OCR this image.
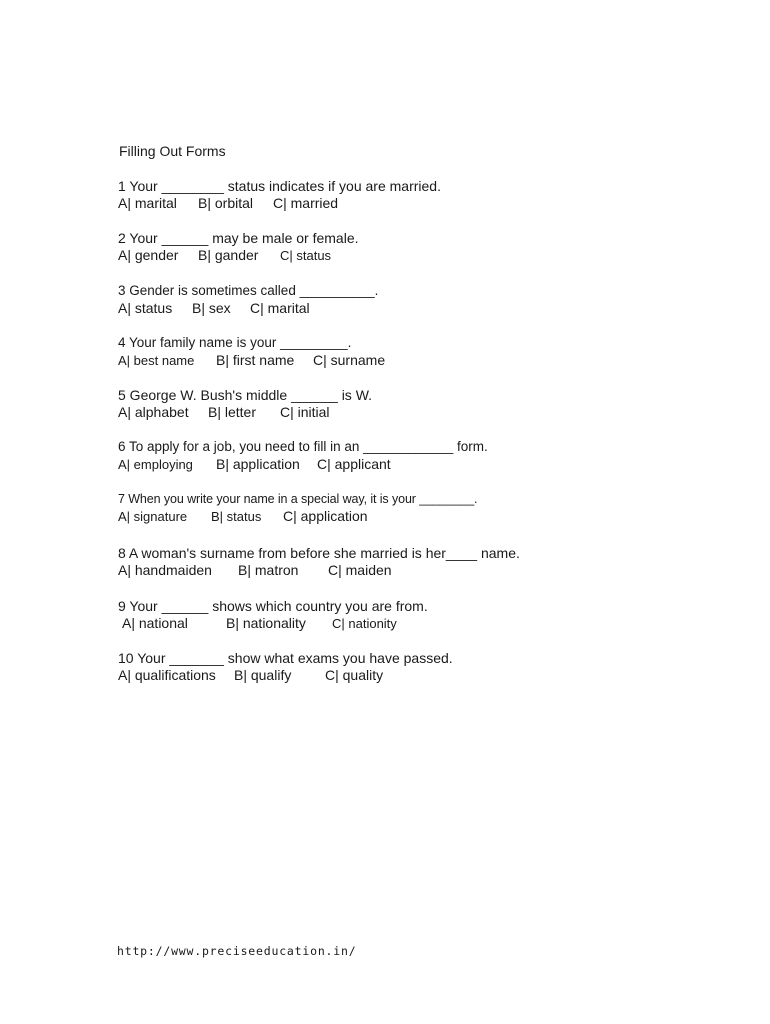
Filling Out Forms
1 Your ________ status indicates if you are married.
A| marital B| orbital C| married
2 Your ______ may be male or female.
A| gender B| gander C| status
3 Gender is sometimes called __________.
A| status B| sex C| marital
4 Your family name is your _________.
A| best name B| first name C| surname
5 George W. Bush's middle ______ is W.
A| alphabet B| letter C| initial
6 To apply for a job, you need to fill in an ____________ form.
A| employing B| application C| applicant
7 When you write your name in a special way, it is your ________.
A| signature B| status C| application
8 A woman's surname from before she married is her____ name.
A| handmaiden B| matron C| maiden
9 Your ______ shows which country you are from.
A| national	B| nationality C| nationity
10 Your _______ show what exams you have passed.
A| qualifications B| qualify C| quality
http://www.preciseeducation.in/
